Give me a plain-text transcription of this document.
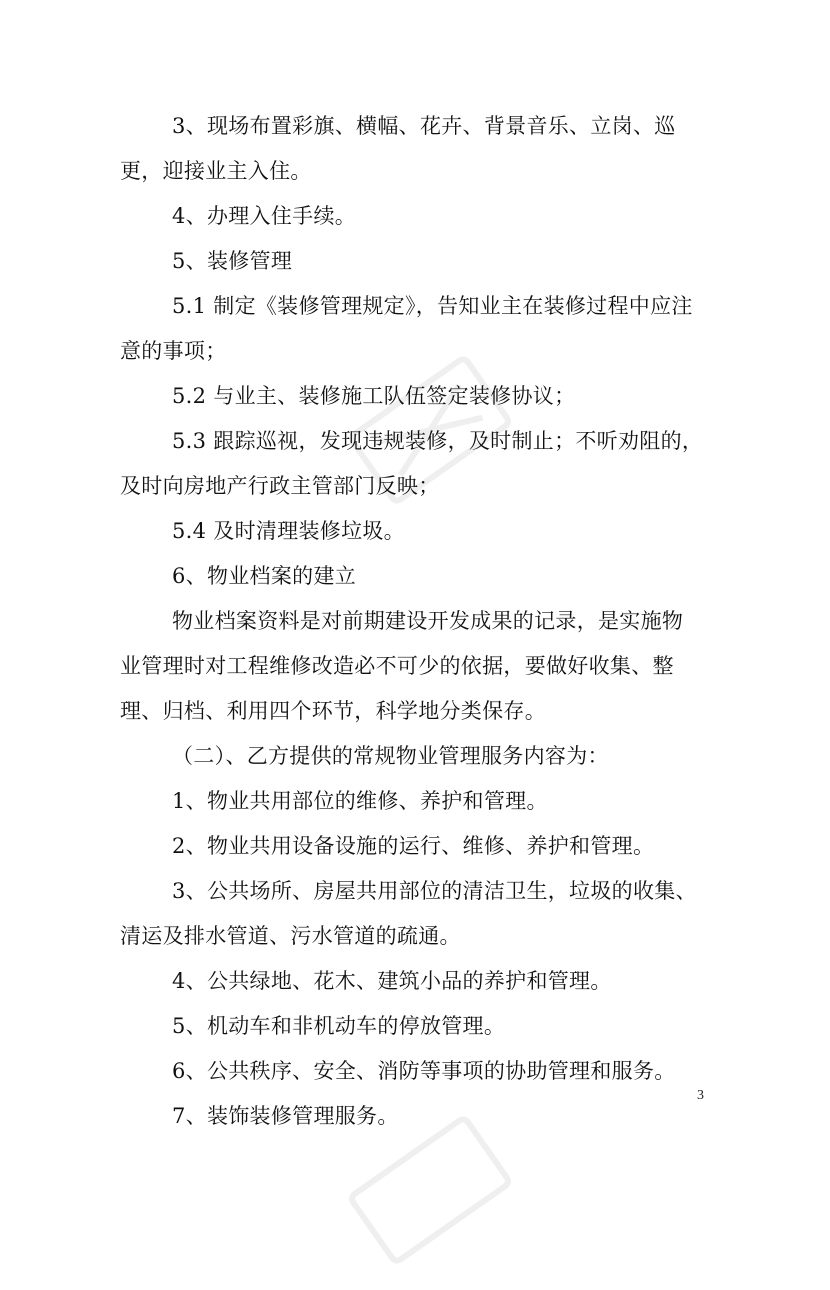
3、现场布置彩旗、横幅、花卉、背景音乐、立岗、巡
更，迎接业主入住。
4、办理入住手续。
5、装修管理
5.1 制定《装修管理规定》，告知业主在装修过程中应注
意的事项；
5.2 与业主、装修施工队伍签定装修协议；
5.3 跟踪巡视，发现违规装修，及时制止；不听劝阻的，
及时向房地产行政主管部门反映；
5.4 及时清理装修垃圾。
6、物业档案的建立
物业档案资料是对前期建设开发成果的记录，是实施物
业管理时对工程维修改造必不可少的依据，要做好收集、整
理、归档、利用四个环节，科学地分类保存。
（二）、乙方提供的常规物业管理服务内容为：
1、物业共用部位的维修、养护和管理。
2、物业共用设备设施的运行、维修、养护和管理。
3、公共场所、房屋共用部位的清洁卫生，垃圾的收集、
清运及排水管道、污水管道的疏通。
4、公共绿地、花木、建筑小品的养护和管理。
5、机动车和非机动车的停放管理。
6、公共秩序、安全、消防等事项的协助管理和服务。
7、装饰装修管理服务。
3
